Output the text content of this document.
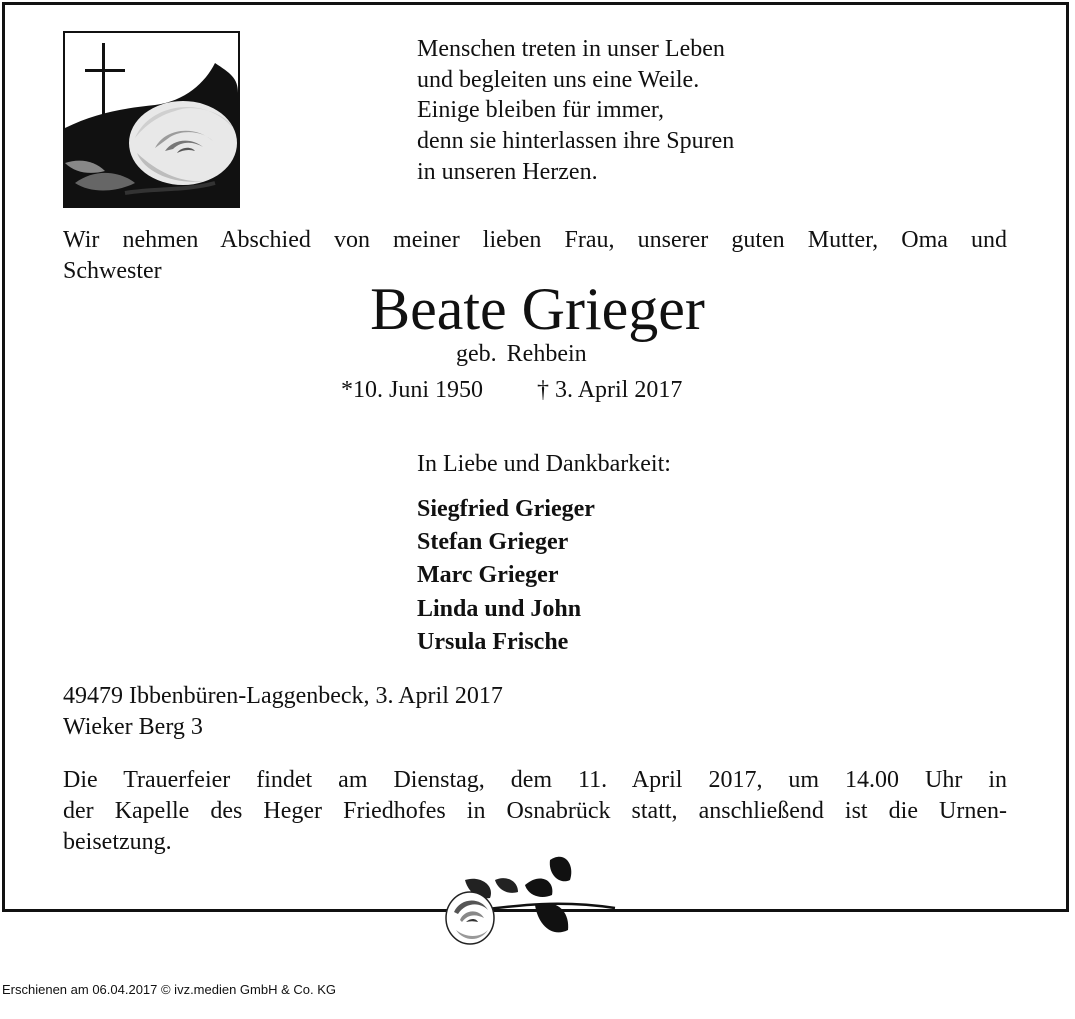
Menschen treten in unser Leben
und begleiten uns eine Weile.
Einige bleiben für immer,
denn sie hinterlassen ihre Spuren
in unseren Herzen.
Wir nehmen Abschied von meiner lieben Frau, unserer guten Mutter, Oma und
Schwester
Beate Grieger
geb. Rehbein
*10. Juni 1950 † 3. April 2017
In Liebe und Dankbarkeit:
Siegfried Grieger
Stefan Grieger
Marc Grieger
Linda und John
Ursula Frische
49479 Ibbenbüren-Laggenbeck, 3. April 2017
Wieker Berg 3
Die Trauerfeier findet am Dienstag, dem 11. April 2017, um 14.00 Uhr in
der Kapelle des Heger Friedhofes in Osnabrück statt, anschließend ist die Urnen-
beisetzung.
Erschienen am 06.04.2017 © ivz.medien GmbH & Co. KG
